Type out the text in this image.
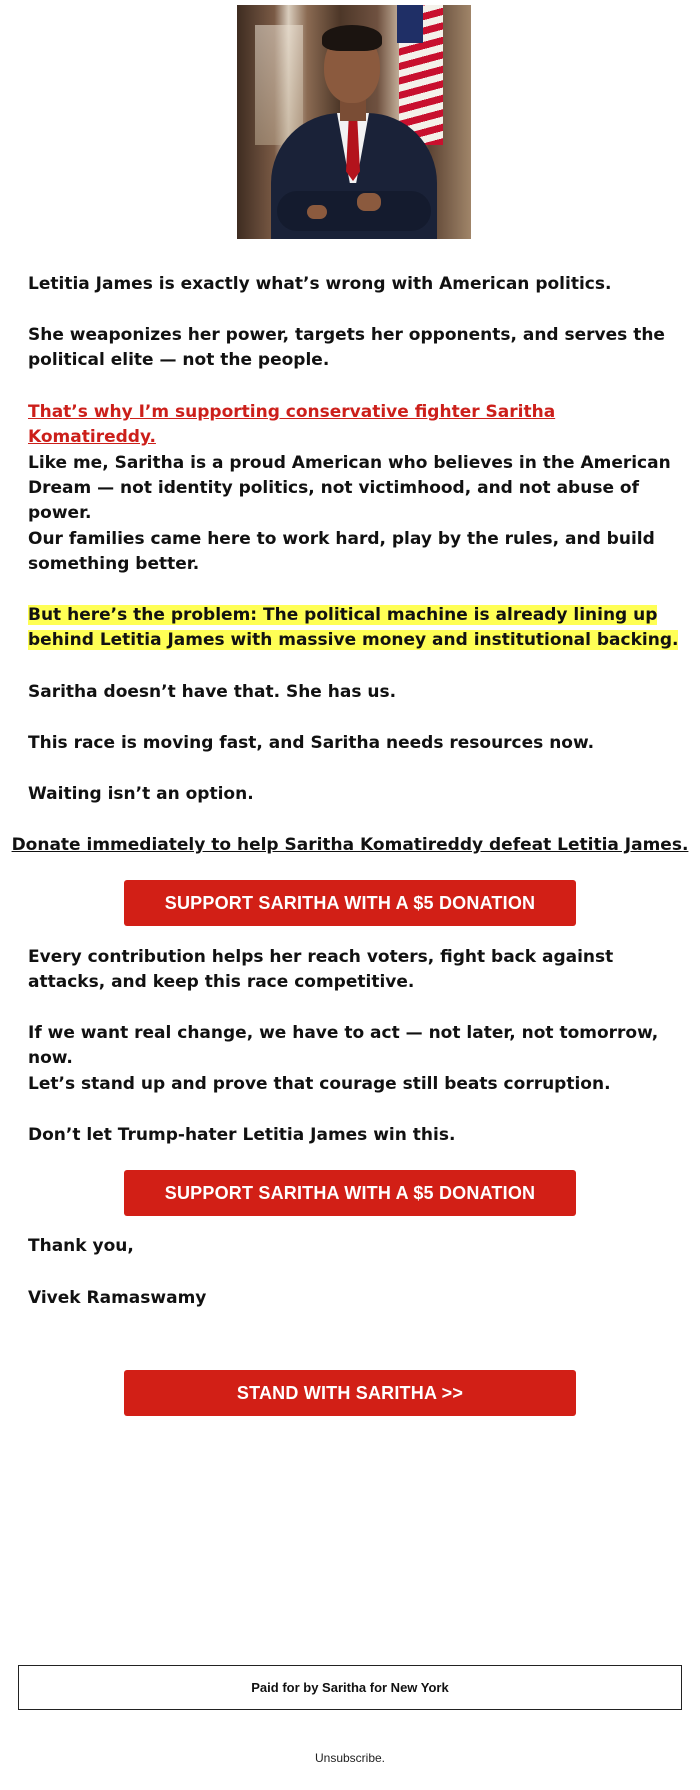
Letitia James is exactly what’s wrong with American politics.

She weaponizes her power, targets her opponents, and serves the political elite — not the people.

That’s why I’m supporting conservative fighter Saritha Komatireddy.

Like me, Saritha is a proud American who believes in the American Dream — not identity politics, not victimhood, and not abuse of power.

Our families came here to work hard, play by the rules, and build something better.

But here’s the problem: The political machine is already lining up behind Letitia James with massive money and institutional backing.

Saritha doesn’t have that. She has us.

This race is moving fast, and Saritha needs resources now.

Waiting isn’t an option.

Donate immediately to help Saritha Komatireddy defeat Letitia James.
SUPPORT SARITHA WITH A $5 DONATION

Every contribution helps her reach voters, fight back against attacks, and keep this race competitive.

If we want real change, we have to act — not later, not tomorrow, now.

Let’s stand up and prove that courage still beats corruption.

Don’t let Trump-hater Letitia James win this.

SUPPORT SARITHA WITH A $5 DONATION

Thank you,

Vivek Ramaswamy

STAND WITH SARITHA >>
Paid for by Saritha for New York
Unsubscribe.
